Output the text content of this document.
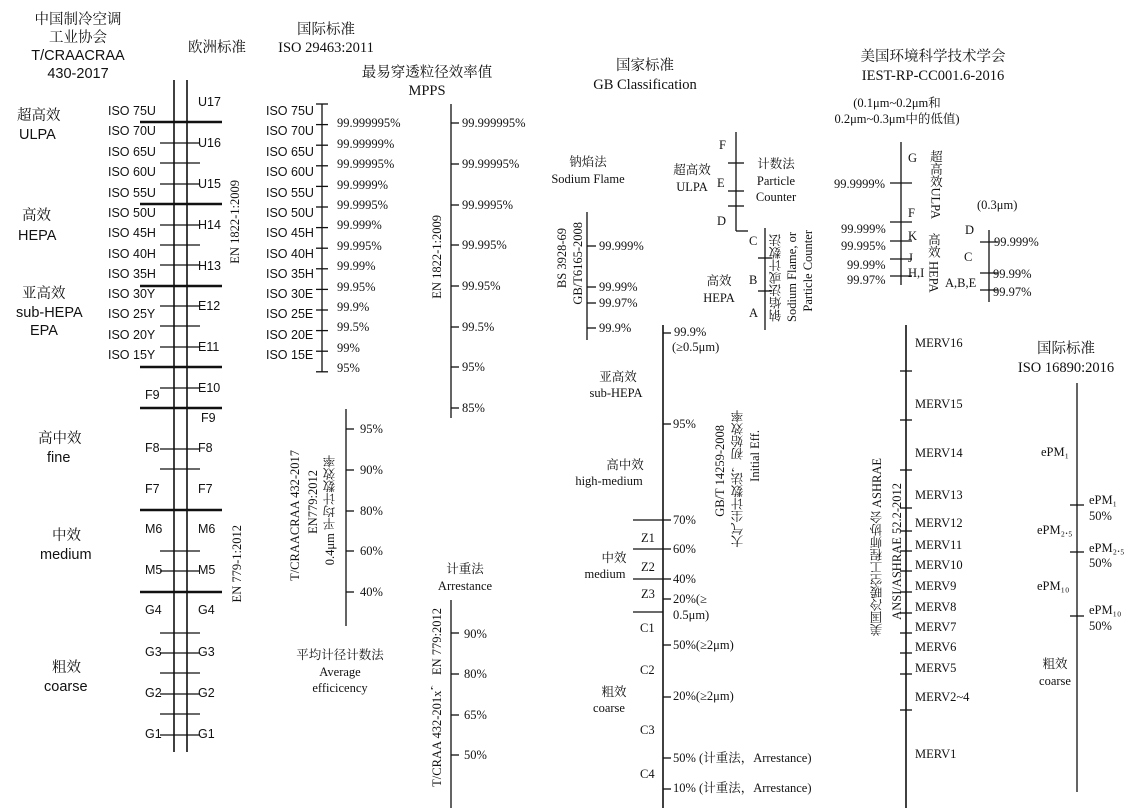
中国制冷空调
工业协会
T/CRAACRAA
430-2017
超高效
ULPA
高效
HEPA
亚高效
sub-HEPA
EPA
高中效
fine
中效
medium
粗效
coarse
欧洲标准
U17
U16
U15
H14
H13
E12
E11
E10
F9
F8
F7
M6
M5
G4
G3
G2
G1
F9
F8
F7
M6
M5
G4
G3
G2
G1
国际标准
ISO 29463:2011
最易穿透粒径效率值
MPPS
99.999995%
99.99995%
99.9995%
99.995%
99.95%
99.5%
95%
85%
95%
90%
80%
60%
40%
平均计径计数法
Average
efficicency
计重法
Arrestance
90%
80%
65%
50%
国家标准
GB Classification
钠焰法
Sodium Flame
99.999%
99.99%
99.97%
99.9%
超高效
ULPA
F
E
D
计数法
Particle
Counter
高效
HEPA
C
B
A
99.9%
(≥0.5μm)
95%
70%
60%
40%
20%(≥
0.5μm)
50%(≥2μm)
20%(≥2μm)
50% (计重法，Arrestance)
10% (计重法，Arrestance)
Z1
Z2
Z3
C1
C2
C3
C4
亚高效
sub-HEPA
高中效
high-medium
中效
medium
粗效
coarse
美国环境科学技术学会
IEST-RP-CC001.6-2016
(0.1μm~0.2μm和
0.2μm~0.3μm中的低值)
99.9999%
99.999%
99.995%
99.99%
99.97%
G
F
K
J
H,I
(0.3μm)
D
C
A,B,E
99.999%
99.99%
99.97%
MERV16
MERV15
MERV14
MERV13
MERV12
MERV11
MERV10
MERV9
MERV8
MERV7
MERV6
MERV5
MERV2~4
MERV1
国际标准
ISO 16890:2016
ePM₁
ePM₂.₅
ePM₁₀
ePM₁
50%
ePM₂.₅
50%
ePM₁₀
50%
粗效
coarse
ISO 75U
ISO 70U
ISO 65U
ISO 60U
ISO 55U
ISO 50U
ISO 45H
ISO 40H
ISO 35H
ISO 30Y
ISO 25Y
ISO 20Y
ISO 15Y
ISO 75U
ISO 70U
ISO 65U
ISO 60U
ISO 55U
ISO 50U
ISO 45H
ISO 40H
ISO 35H
ISO 30E
ISO 25E
ISO 20E
ISO 15E
99.999995%
99.99999%
99.99995%
99.9999%
99.9995%
99.999%
99.995%
99.99%
99.95%
99.9%
99.5%
99%
95%
EN 1822-1:2009
EN 779-1:2012
EN 1822-1:2009
T/CRAACRAA 432-2017 EN779:2012 0.4μm 平均计数效率
T/CRAA 432-201x， EN 779:2012
BS 3928-69 GB/T6165-2008	钠焰法或计数法 Sodium Flame, or Particle Counter
GB/T 14259-2008 大气尘计数法，初始效率 Initial Eff.
超高效ULPA
高效 HEPA
美国冷暖空工程师协会 ASHRAE ANSI/ASHRAE 52.2-2012
